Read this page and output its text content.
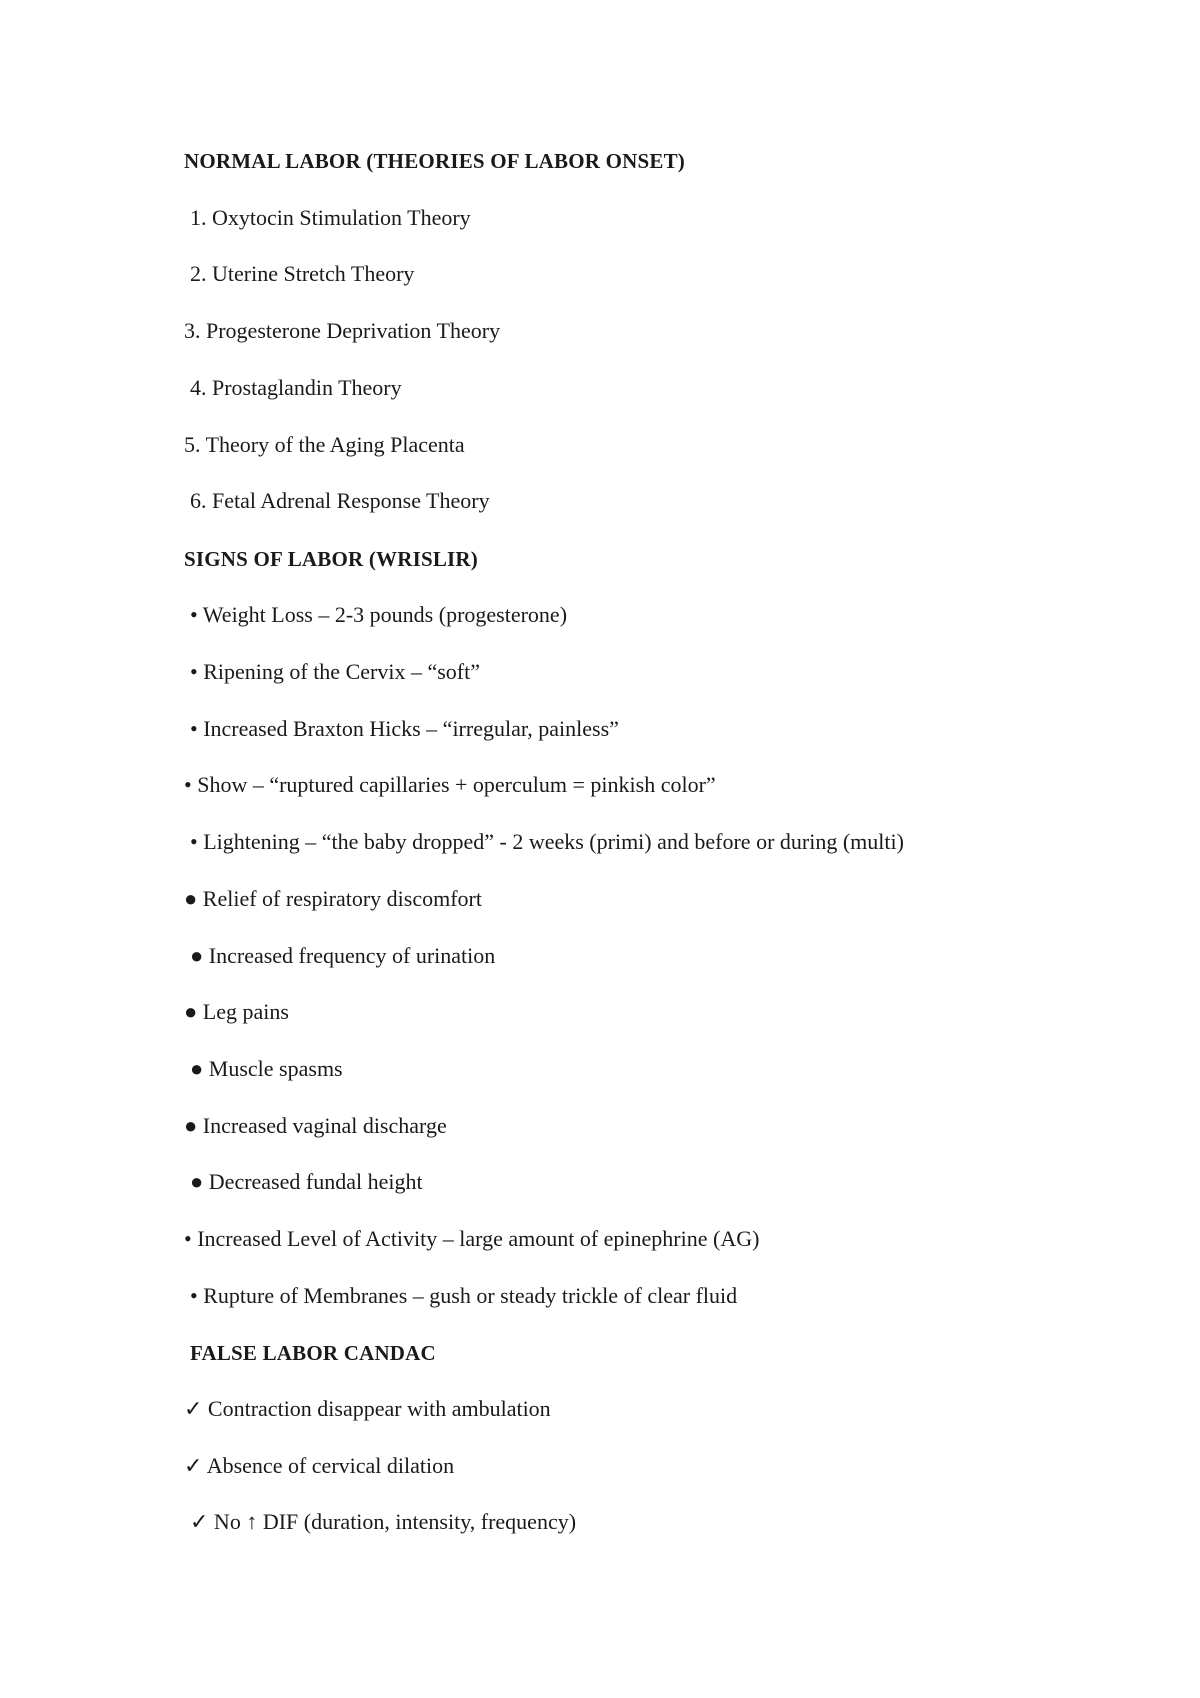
NORMAL LABOR (THEORIES OF LABOR ONSET)
1. Oxytocin Stimulation Theory
2. Uterine Stretch Theory
3. Progesterone Deprivation Theory
4. Prostaglandin Theory
5. Theory of the Aging Placenta
6. Fetal Adrenal Response Theory
SIGNS OF LABOR (WRISLIR)
• Weight Loss – 2-3 pounds (progesterone)
• Ripening of the Cervix – “soft”
• Increased Braxton Hicks – “irregular, painless”
• Show – “ruptured capillaries + operculum = pinkish color”
• Lightening – “the baby dropped” - 2 weeks (primi) and before or during (multi)
● Relief of respiratory discomfort
● Increased frequency of urination
● Leg pains
● Muscle spasms
● Increased vaginal discharge
● Decreased fundal height
• Increased Level of Activity – large amount of epinephrine (AG)
• Rupture of Membranes – gush or steady trickle of clear fluid
FALSE LABOR CANDAC
✓ Contraction disappear with ambulation
✓ Absence of cervical dilation
✓ No ↑ DIF (duration, intensity, frequency)
